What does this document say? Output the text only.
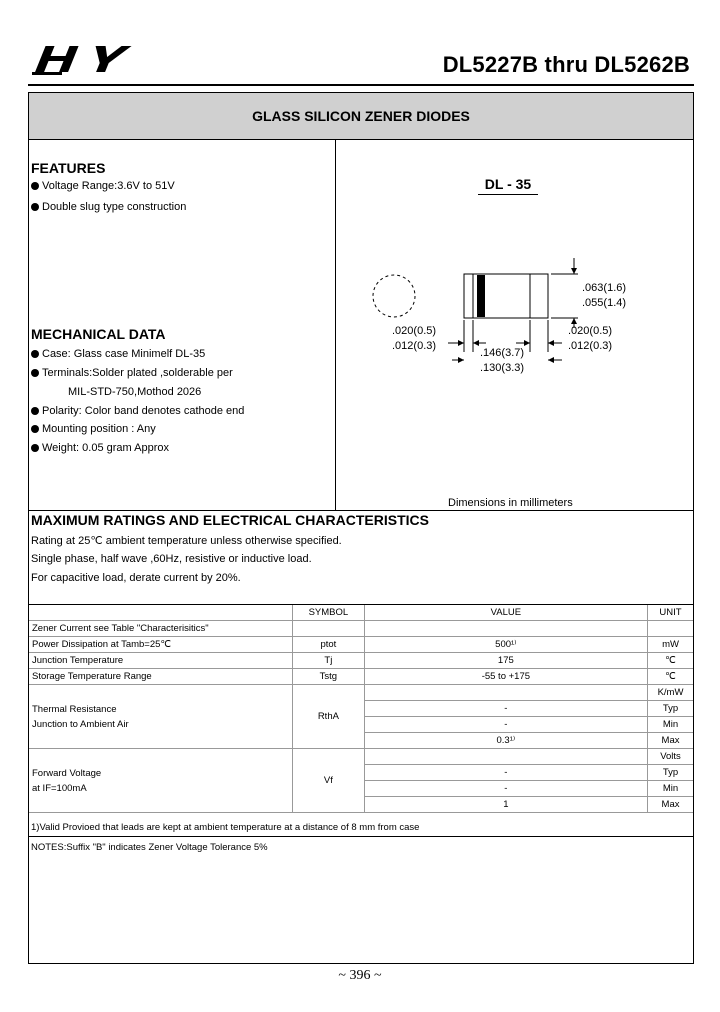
DL5227B thru DL5262B
GLASS SILICON ZENER DIODES
FEATURES
Voltage Range:3.6V to 51V
Double slug type construction
MECHANICAL DATA
Case: Glass case Minimelf DL-35
Terminals:Solder plated ,solderable per
MIL-STD-750,Mothod 2026
Polarity: Color band denotes cathode end
Mounting position : Any
Weight: 0.05 gram Approx
DL - 35
.063(1.6)
.055(1.4)
.020(0.5)
.012(0.3)
.020(0.5)
.012(0.3)
.146(3.7)
.130(3.3)
Dimensions in millimeters
MAXIMUM RATINGS AND ELECTRICAL CHARACTERISTICS
Rating at 25℃ ambient temperature unless otherwise specified.
Single phase, half wave ,60Hz, resistive or inductive load.
For capacitive load, derate current by 20%.
	SYMBOL	VALUE	UNIT
Zener Current see Table "Characterisitics"			
Power Dissipation at Tamb=25℃	ptot	500¹⁾	mW
Junction Temperature	Tj	175	℃
Storage Temperature Range	Tstg	-55 to +175	℃

Thermal Resistance
Junction to Ambient Air	RthA		K/mW
		-	Typ
		-	Min
		0.3¹⁾	Max

Forward Voltage
at IF=100mA	Vf		Volts
		-	Typ
		-	Min
		1	Max
1)Valid Provioed that leads are kept at ambient temperature at a distance of 8 mm from case
NOTES:Suffix "B" indicates Zener Voltage Tolerance 5%
~ 396 ~
